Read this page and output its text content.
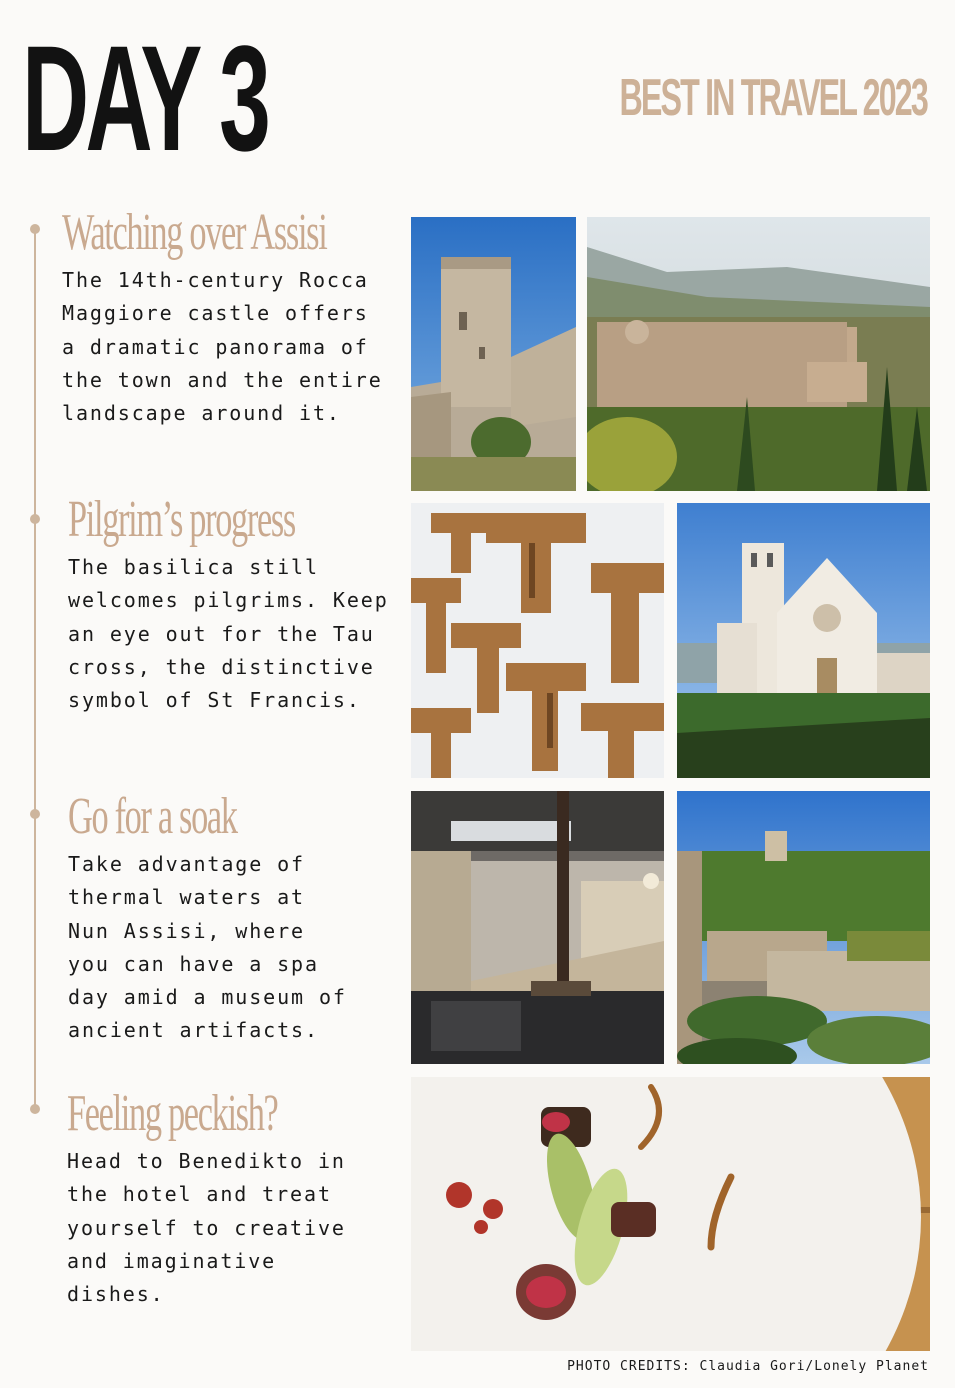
DAY 3	BEST IN TRAVEL 2023
Watching over Assisi
The 14th-century Rocca
Maggiore castle offers
a dramatic panorama of
the town and the entire
landscape around it.
Pilgrim’s progress
The basilica still
welcomes pilgrims. Keep
an eye out for the Tau
cross, the distinctive
symbol of St Francis.
Go for a soak
Take advantage of
thermal waters at
Nun Assisi, where
you can have a spa
day amid a museum of
ancient artifacts.
Feeling peckish?
Head to Benedikto in
the hotel and treat
yourself to creative
and imaginative
dishes.
PHOTO CREDITS: Claudia Gori/Lonely Planet
